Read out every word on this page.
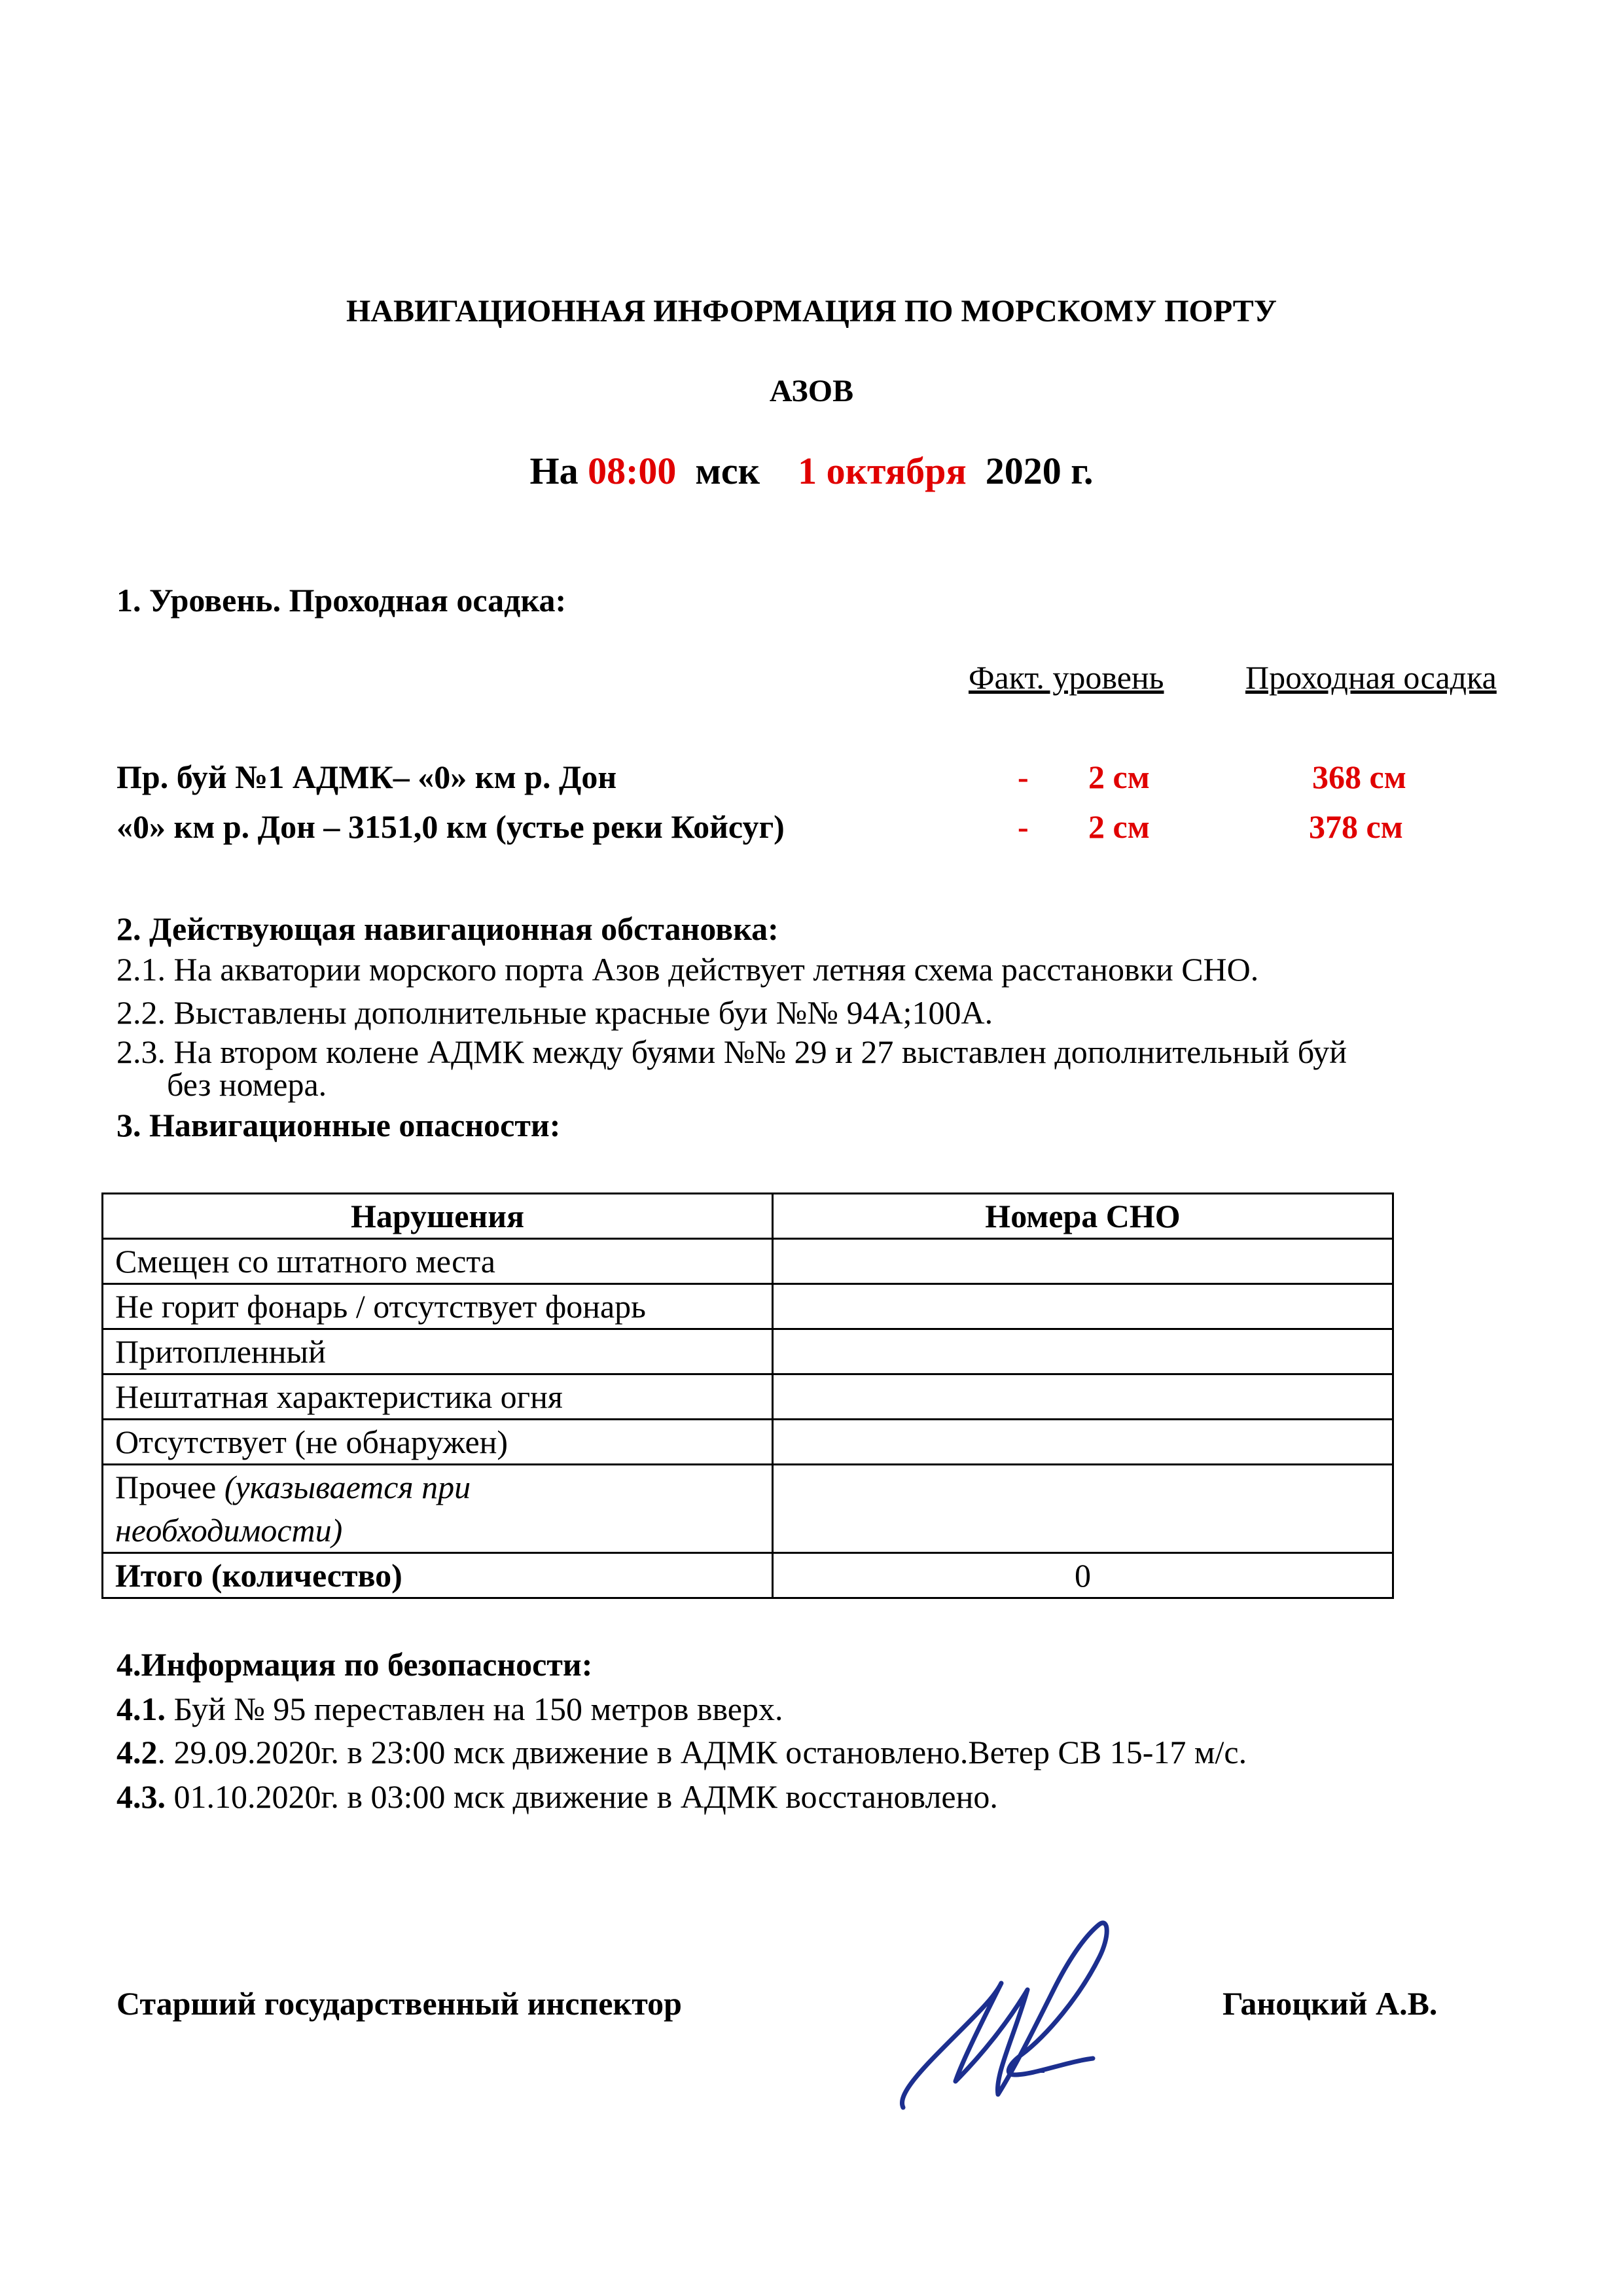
НАВИГАЦИОННАЯ ИНФОРМАЦИЯ ПО МОРСКОМУ ПОРТУ
АЗОВ
На 08:00 мск 1 октября 2020 г.
1. Уровень. Проходная осадка:
Факт. уровень Проходная осадка
Пр. буй №1 АДМК– «0» км р. Дон	- 2 см	368 см
«0» км р. Дон – 3151,0 км (устье реки Койсуг)	- 2 см	378 см
2. Действующая навигационная обстановка:
2.1. На акватории морского порта Азов действует летняя схема расстановки СНО.
2.2. Выставлены дополнительные красные буи №№ 94А;100А.
2.3. На втором колене АДМК между буями №№ 29 и 27 выставлен дополнительный буй
без номера.
3. Навигационные опасности:
Нарушения	Номера СНО
Смещен со штатного места	
Не горит фонарь / отсутствует фонарь	
Притопленный	
Нештатная характеристика огня	
Отсутствует (не обнаружен)	
Прочее (указывается при
необходимости)	
Итого (количество)	0
4.Информация по безопасности:
4.1. Буй № 95 переставлен на 150 метров вверх.
4.2. 29.09.2020г. в 23:00 мск движение в АДМК остановлено.Ветер СВ 15-17 м/с.
4.3. 01.10.2020г. в 03:00 мск движение в АДМК восстановлено.
Старший государственный инспектор	Ганоцкий А.В.
